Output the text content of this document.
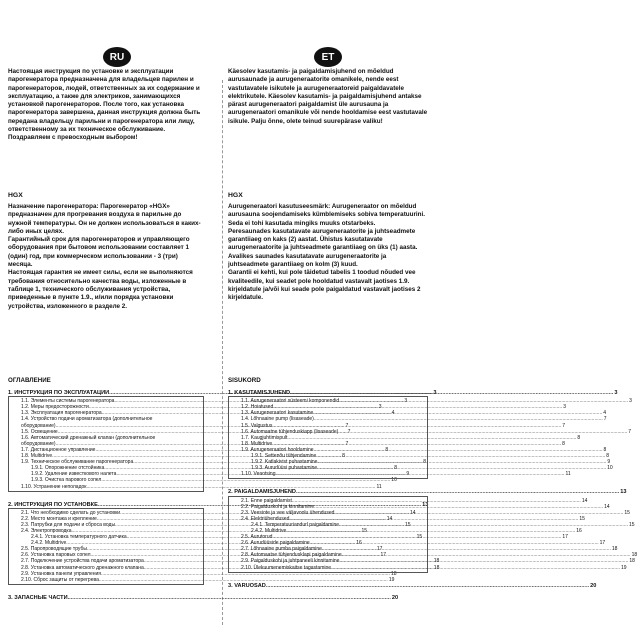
RU	ET
Настоящая инструкция по установке и эксплуатации парогенератора предназначена для владельцев парилен и парогенераторов, людей, ответственных за их содержание и эксплуатацию, а также для электриков, занимающихся установкой парогенераторов. После того, как установка парогенератора завершена, данная инструкция должна быть передана владельцу парильни и парогенератора или лицу, ответственному за их техническое обслуживание. Поздравляем с превосходным выбором!
HGX

Назначение парогенератора: Парогенератор «HGX» предназначен для прогревания воздуха в парильне до нужной температуры. Он не должен использоваться в каких-либо иных целях.

Гарантийный срок для парогенераторов и управляющего оборудования при бытовом использовании составляет 1 (один) год, при коммерческом использовании - 3 (три) месяца.

Настоящая гарантия не имеет силы, если не выполняются требования относительно качества воды, изложенные в таблице 1, технического обслуживания устройства, приведенные в пункте 1.9., и/или порядка установки устройства, изложенного в разделе 2.

ОГЛАВЛЕНИЕ
1. ИНСТРУКЦИЯ ПО ЭКСПЛУАТАЦИИ .....	3
1.1. Элементы системы парогенератора .....	3
1.2. Меры предосторожности .....	3
1.3. Эксплуатация парогенератора .....	4
1.4. Устройство подачи ароматизатора (дополнительное
оборудование) .....	7
1.5. Освещение .....	7
1.6. Автоматический дренажный клапан (дополнительное
оборудование) .....	7
1.7. Дистанционное управление .....	8
1.8. Multidrive .....	8
1.9. Техническое обслуживание парогенератора .....	8
1.9.1. Опорожнение отстойника .....	8
1.9.2. Удаление известкового налета .....	9
1.9.3. Очистка парового сопел .....	10
1.10. Устранение неполадок .....	11
2. ИНСТРУКЦИЯ ПО УСТАНОВКЕ .....	13
2.1. Что необходимо сделать до установки .....	14
2.2. Место монтажа и крепление .....	14
2.3. Патрубки для подачи и сброса воды .....	15
2.4. Электропроводка .....	15
2.4.1. Установка температурного датчика .....	15
2.4.2. Multidrive .....	16
2.5. Паропроводящие трубы .....	17
2.6. Установка паровых сопел .....	17
2.7. Подключение устройства подачи ароматизатора .....	18
2.8. Установка автоматического дренажного клапана .....	18
2.9. Установка панели управления .....	18
2.10. Сброс защиты от перегрева .....	19
3. ЗАПАСНЫЕ ЧАСТИ .....	20
Käesolev kasutamis- ja paigaldamisjuhend on mõeldud aurusaunade ja aurugeneraatorite omanikele, nende eest vastutavatele isikutele ja aurugeneraatoreid paigaldavatele elektrikutele. Käesolev kasutamis- ja paigaldamisjuhend antakse pärast aurugeneraatori paigaldamist üle aurusauna ja aurugeneraatori omanikule või nende hooldamise eest vastutavale isikule. Palju õnne, olete teinud suurepärase valiku!
HGX

Aurugeneraatori kasutuseesmärk: Aurugeneraator on mõeldud aurusauna soojendamiseks kümblemiseks sobiva temperatuurini. Seda ei tohi kasutada mingiks muuks otstarbeks.

Peresaunades kasutatavate aurugeneraatorite ja juhtseadmete garantiiaeg on kaks (2) aastat. Ühistus kasutatavate aurugeneraatorite ja juhtseadmete garantiiaeg on üks (1) aasta. Avalikes saunades kasutatavate aurugeneraatorite ja juhtseadmete garantiiaeg on kolm (3) kuud.

Garantii ei kehti, kui pole täidetud tabelis 1 toodud nõuded vee kvaliteedile, kui seadet pole hooldatud vastavalt jaotises 1.9. kirjeldatule ja/või kui seade pole paigaldatud vastavalt jaotises 2 kirjeldatule.

SISUKORD
1. KASUTAMISJUHEND .....	3
1.1. Aurugeneraatori süsteemi komponendid .....	3
1.2. Hoiatused .....	3
1.3. Aurugeneraatori kasutamine .....	4
1.4. Lõhnaaine pump (lisaseade) .....	7
1.5. Valgustus .....	7
1.6. Automaatne tühjenduskiapp (lisaseade) .....	7
1.7. Kaugjuhtimispult .....	8
1.8. Multidrive .....	8
1.9. Aurugeneraatori hooldamine .....	8
1.9.1. Settenõu tühjendamine .....	8
1.9.2. Katlakivist puhastamine .....	9
1.9.3. Aurudüüsi puhastamine .....	10
1.10. Veaotsing .....	11
2. PAIGALDAMISJUHEND .....	13
2.1. Enne paigaldamist .....	14
2.2. Paigalduskoht ja kinnitamine .....	14
2.3. Veesiote ja vee väljavoolu ühendused .....	15
2.4. Elektriühendused .....	15
2.4.1. Temperatuuriandurl paigaldamine .....	15
2.4.2. Multidrive .....	16
2.5. Aurutorud .....	17
2.6. Aurudüüside paigaldamine .....	17
2.7. Lõhnaaine pumba paigaldamine .....	18
2.8. Automaatse tühjendusklapi paigaldamine .....	18
2.9. Paigalduskohi ja juhtpaneeli kinnitamine .....	18
2.10. Ülekuumenemiskaitse tagastamine .....	19
3. VARUOSAD .....	20
